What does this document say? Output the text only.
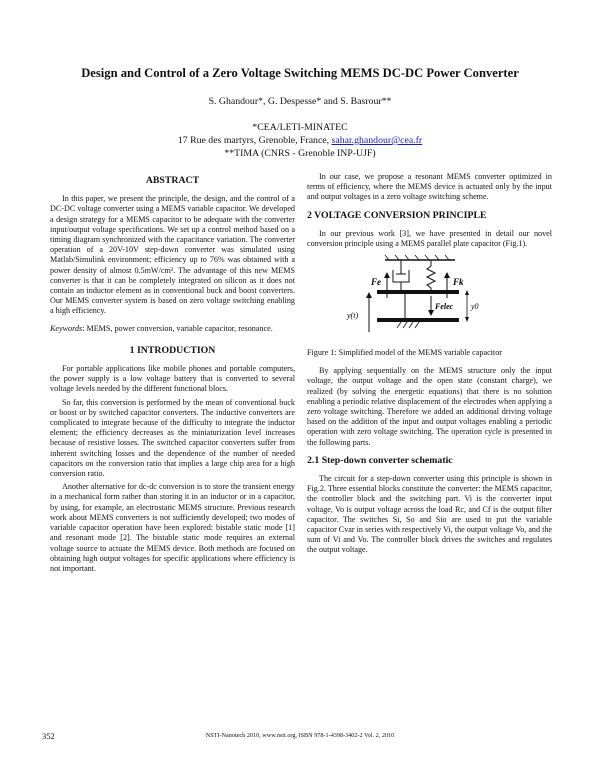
Design and Control of a Zero Voltage Switching MEMS DC-DC Power Converter
S. Ghandour*, G. Despesse* and S. Basrour**
*CEA/LETI-MINATEC
17 Rue des martyrs, Grenoble, France, sahar.ghandour@cea.fr
**TIMA (CNRS - Grenoble INP-UJF)
ABSTRACT

In this paper, we present the principle, the design, and the control of a DC-DC voltage converter using a MEMS variable capacitor. We developed a design strategy for a MEMS capacitor to be adequate with the converter input/output voltage specifications. We set up a control method based on a timing diagram synchronized with the capacitance variation. The converter operation of a 20V-10V step-down converter was simulated using Matlab/Simulink environment; efficiency up to 76% was obtained with a power density of almost 0.5mW/cm². The advantage of this new MEMS converter is that it can be completely integrated on silicon as it does not contain an inductor element as in conventional buck and boost converters. Our MEMS converter system is based on zero voltage switching enabling a high efficiency.

Keywords: MEMS, power conversion, variable capacitor, resonance.

1 INTRODUCTION

For portable applications like mobile phones and portable computers, the power supply is a low voltage battery that is converted to several voltage levels needed by the different functional blocs.

So far, this conversion is performed by the mean of conventional buck or boost or by switched capacitor converters. The inductive converters are complicated to integrate because of the difficulty to integrate the inductor element; the efficiency decreases as the miniaturization level increases because of resistive losses. The switched capacitor converters suffer from inherent switching losses and the dependence of the number of needed capacitors on the conversion ratio that implies a large chip area for a high conversion ratio.

Another alternative for dc-dc conversion is to store the transient energy in a mechanical form rather than storing it in an inductor or in a capacitor, by using, for example, an electrostatic MEMS structure. Previous research work about MEMS converters is not sufficiently developed; two modes of variable capacitor operation have been explored: bistable static mode [1] and resonant mode [2]. The bistable static mode requires an external voltage source to actuate the MEMS device. Both methods are focused on obtaining high output voltages for specific applications where efficiency is not important.

In our case, we propose a resonant MEMS converter optimized in terms of efficiency, where the MEMS device is actuated only by the input and output voltages in a zero voltage switching scheme.

2 VOLTAGE CONVERSION PRINCIPLE

In our previous work [3], we have presented in detail our novel conversion principle using a MEMS parallel plate capacitor (Fig.1).

Fe	Fk
Felec y0
y(t)
Figure 1: Simplified model of the MEMS variable capacitor

By applying sequentially on the MEMS structure only the input voltage, the output voltage and the open state (constant charge), we realized (by solving the energetic equations) that there is no solution enabling a periodic relative displacement of the electrodes when applying a zero voltage switching. Therefore we added an additional driving voltage based on the addition of the input and output voltages enabling a periodic operation with zero voltage switching. The operation cycle is presented in the following parts.

2.1 Step-down converter schematic

The circuit for a step-down converter using this principle is shown in Fig.2. Three essential blocks constitute the converter: the MEMS capacitor, the controller block and the switching part. Vi is the converter input voltage, Vo is output voltage across the load Rc, and Cf is the output filter capacitor. The switches Si, So and Sio are used to put the variable capacitor Cvar in series with respectively Vi, the output voltage Vo, and the sum of Vi and Vo. The controller block drives the switches and regulates the output voltage.

352	NSTI-Nanotech 2010, www.nsti.org, ISBN 978-1-4398-3402-2 Vol. 2, 2010
